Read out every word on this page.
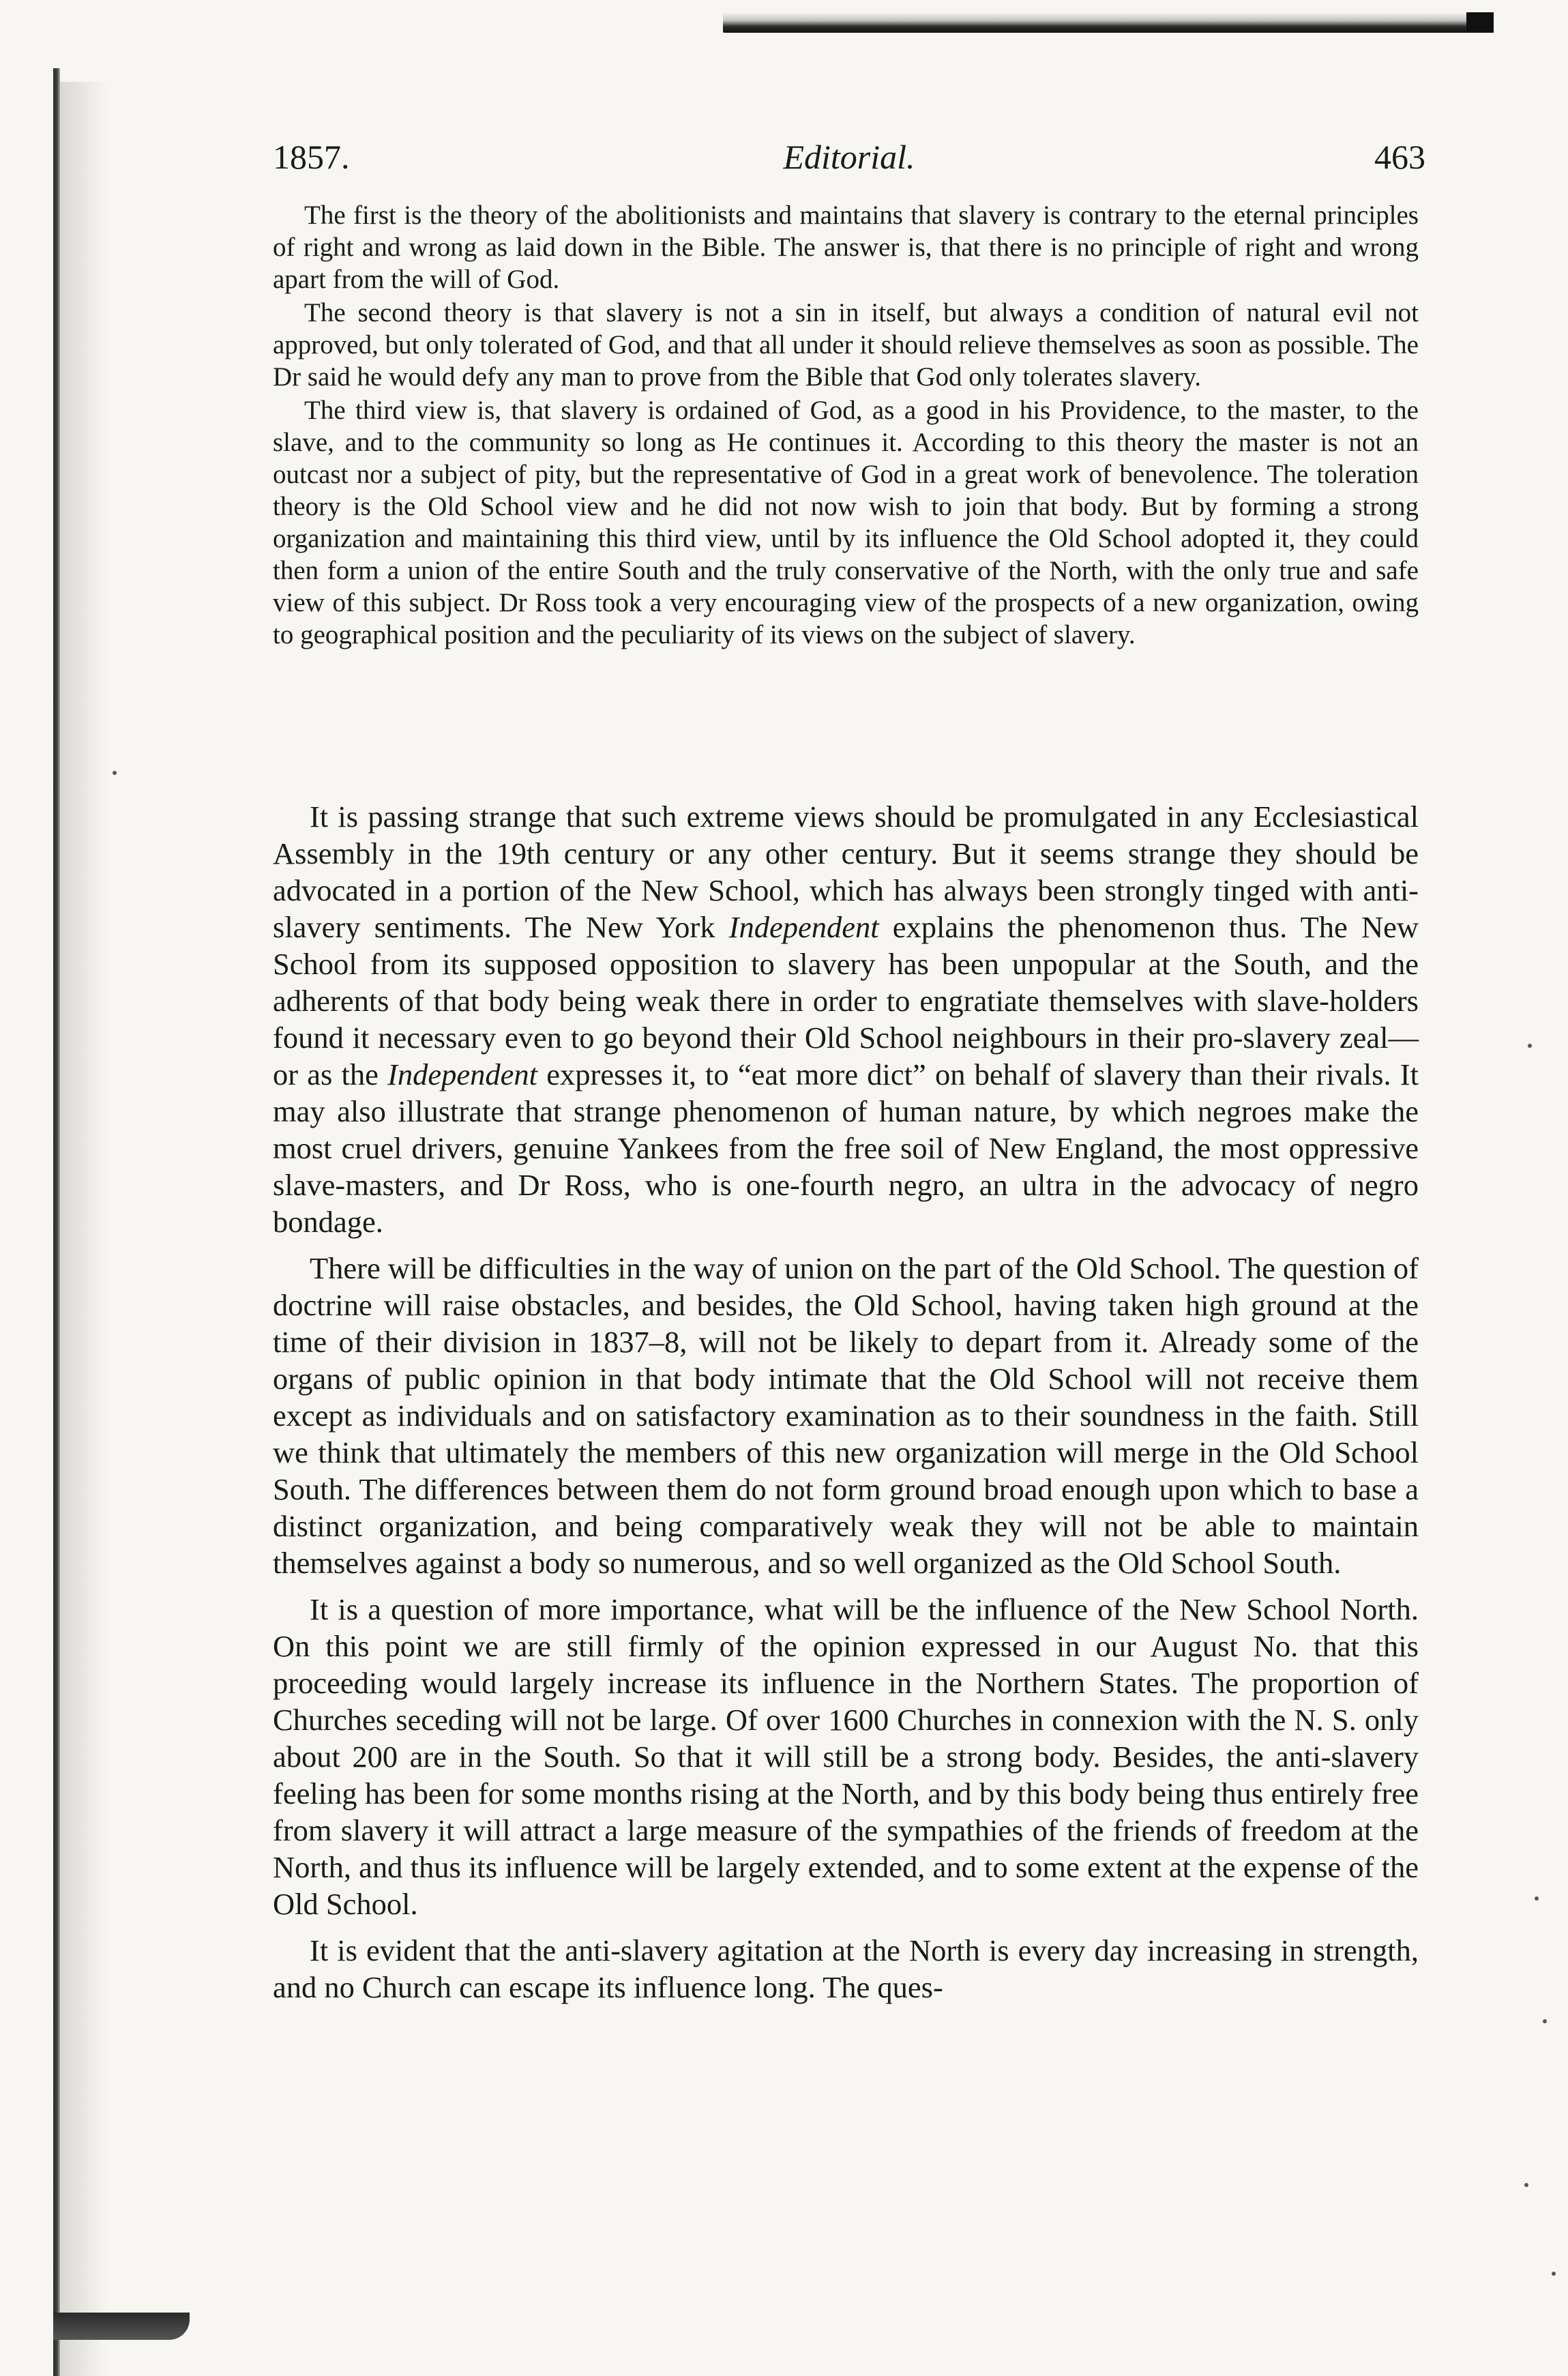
1857.	Editorial.	463

The first is the theory of the abolitionists and maintains that slavery is contrary to the eternal principles of right and wrong as laid down in the Bible. The answer is, that there is no principle of right and wrong apart from the will of God.

The second theory is that slavery is not a sin in itself, but always a condition of natural evil not approved, but only tolerated of God, and that all under it should relieve themselves as soon as possible. The Dr said he would defy any man to prove from the Bible that God only tolerates slavery.

The third view is, that slavery is ordained of God, as a good in his Providence, to the master, to the slave, and to the community so long as He continues it. According to this theory the master is not an outcast nor a subject of pity, but the representative of God in a great work of benevolence. The toleration theory is the Old School view and he did not now wish to join that body. But by forming a strong organization and maintaining this third view, until by its influence the Old School adopted it, they could then form a union of the entire South and the truly conservative of the North, with the only true and safe view of this subject. Dr Ross took a very encouraging view of the prospects of a new organization, owing to geographical position and the peculiarity of its views on the subject of slavery.

It is passing strange that such extreme views should be promulgated in any Ecclesiastical Assembly in the 19th century or any other century. But it seems strange they should be advocated in a portion of the New School, which has always been strongly tinged with anti-slavery sentiments. The New York Independent explains the phenomenon thus. The New School from its supposed opposition to slavery has been unpopular at the South, and the adherents of that body being weak there in order to engratiate themselves with slave-holders found it necessary even to go beyond their Old School neighbours in their pro-slavery zeal—or as the Independent expresses it, to “eat more dict” on behalf of slavery than their rivals. It may also illustrate that strange phenomenon of human nature, by which negroes make the most cruel drivers, genuine Yankees from the free soil of New England, the most oppressive slave-masters, and Dr Ross, who is one-fourth negro, an ultra in the advocacy of negro bondage.

There will be difficulties in the way of union on the part of the Old School. The question of doctrine will raise obstacles, and besides, the Old School, having taken high ground at the time of their division in 1837–8, will not be likely to depart from it. Already some of the organs of public opinion in that body intimate that the Old School will not receive them except as individuals and on satisfactory examination as to their soundness in the faith. Still we think that ultimately the members of this new organization will merge in the Old School South. The differences between them do not form ground broad enough upon which to base a distinct organization, and being comparatively weak they will not be able to maintain themselves against a body so numerous, and so well organized as the Old School South.

It is a question of more importance, what will be the influence of the New School North. On this point we are still firmly of the opinion expressed in our August No. that this proceeding would largely increase its influence in the Northern States. The proportion of Churches seceding will not be large. Of over 1600 Churches in connexion with the N. S. only about 200 are in the South. So that it will still be a strong body. Besides, the anti-slavery feeling has been for some months rising at the North, and by this body being thus entirely free from slavery it will attract a large measure of the sympathies of the friends of freedom at the North, and thus its influence will be largely extended, and to some extent at the expense of the Old School.

It is evident that the anti-slavery agitation at the North is every day increasing in strength, and no Church can escape its influence long. The ques-
